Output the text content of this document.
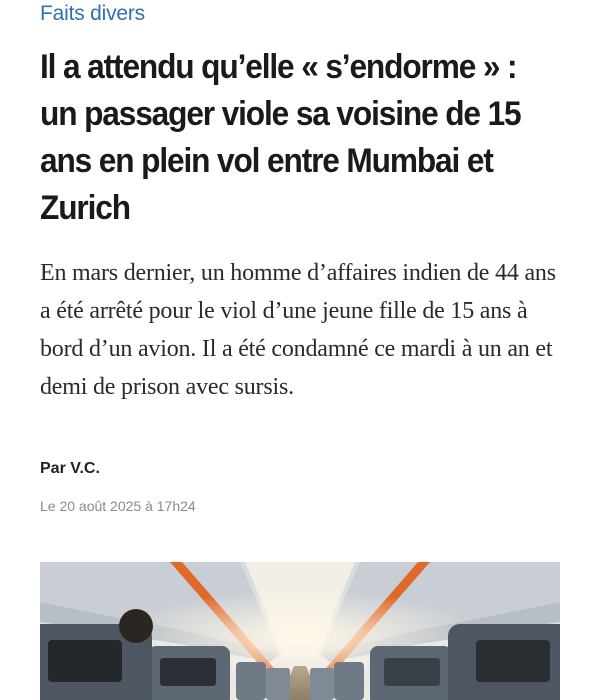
Faits divers
Il a attendu qu’elle « s’endorme » : un passager viole sa voisine de 15 ans en plein vol entre Mumbai et Zurich

En mars dernier, un homme d’affaires indien de 44 ans a été arrêté pour le viol d’une jeune fille de 15 ans à bord d’un avion. Il a été condamné ce mardi à un an et demi de prison avec sursis.

Par V.C.
Le 20 août 2025 à 17h24
